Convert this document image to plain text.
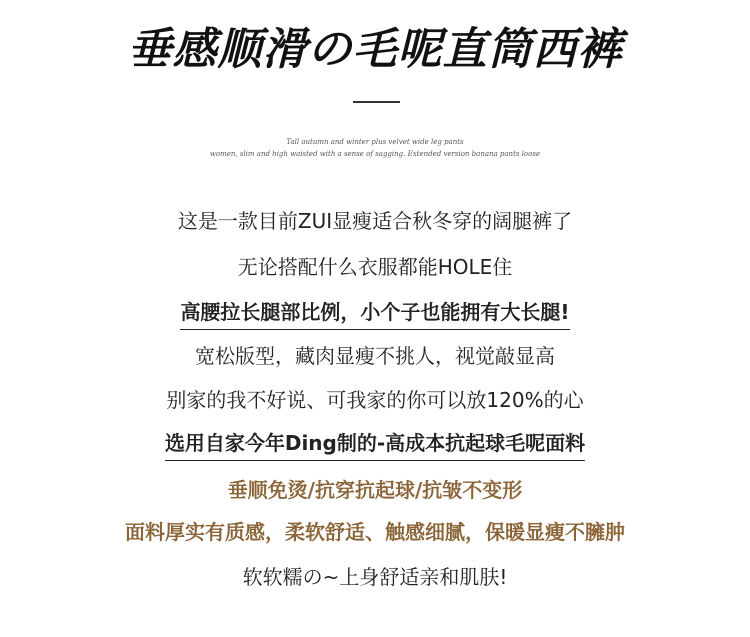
垂感顺滑の毛呢直筒西裤
Tall autumn and winter plus velvet wide leg pants
women, slim and high waisted with a sense of sagging. Extended version banana pants loose
这是一款目前ZUI显瘦适合秋冬穿的阔腿裤了
无论搭配什么衣服都能HOLE住
高腰拉长腿部比例，小个子也能拥有大长腿!
宽松版型，藏肉显瘦不挑人，视觉敲显高
别家的我不好说、可我家的你可以放120%的心
选用自家今年Ding制的-高成本抗起球毛呢面料
垂顺免烫/抗穿抗起球/抗皱不变形
面料厚实有质感，柔软舒适、触感细腻，保暖显瘦不臃肿
软软糯の~上身舒适亲和肌肤!
